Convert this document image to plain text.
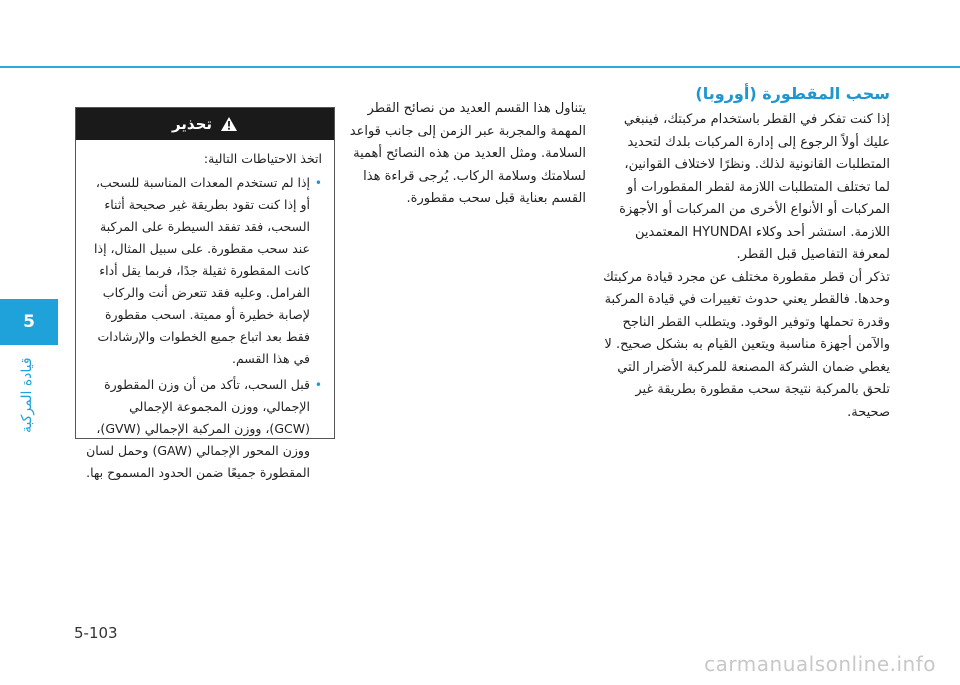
5
قيادة المركبة
سحب المقطورة (أوروبا)

إذا كنت تفكر في القطر باستخدام مركبتك، فينبغي عليك أولاً الرجوع إلى إدارة المركبات بلدك لتحديد المتطلبات القانونية لذلك. ونظرًا لاختلاف القوانين،

لما تختلف المتطلبات اللازمة لقطر المقطورات أو المركبات أو الأنواع الأخرى من المركبات أو الأجهزة اللازمة. استشر أحد وكلاء HYUNDAI المعتمدين لمعرفة التفاصيل قبل القطر.

تذكر أن قطر مقطورة مختلف عن مجرد قيادة مركبتك وحدها. فالقطر يعني حدوث تغييرات في قيادة المركبة وقدرة تحملها وتوفير الوقود. ويتطلب القطر الناجح والآمن أجهزة مناسبة ويتعين القيام به بشكل صحيح. لا يغطي ضمان الشركة المصنعة للمركبة الأضرار التي تلحق بالمركبة نتيجة سحب مقطورة بطريقة غير صحيحة.

يتناول هذا القسم العديد من نصائح القطر المهمة والمجربة عبر الزمن إلى جانب قواعد السلامة. ومثل العديد من هذه النصائح أهمية لسلامتك وسلامة الركاب. يُرجى قراءة هذا القسم بعناية قبل سحب مقطورة.

تحذير

اتخذ الاحتياطات التالية:

•
إذا لم تستخدم المعدات المناسبة للسحب، أو إذا كنت تقود بطريقة غير صحيحة أثناء السحب، فقد تفقد السيطرة على المركبة عند سحب مقطورة. على سبيل المثال، إذا كانت المقطورة ثقيلة جدًا، فربما يقل أداء الفرامل. وعليه فقد تتعرض أنت والركاب لإصابة خطيرة أو مميتة. اسحب مقطورة فقط بعد اتباع جميع الخطوات والإرشادات في هذا القسم.
•
قبل السحب، تأكد من أن وزن المقطورة الإجمالي، ووزن المجموعة الإجمالي (GCW)، ووزن المركبة الإجمالي (GVW)، ووزن المحور الإجمالي (GAW) وحمل لسان المقطورة جميعًا ضمن الحدود المسموح بها.
5-103
carmanualsonline.info
